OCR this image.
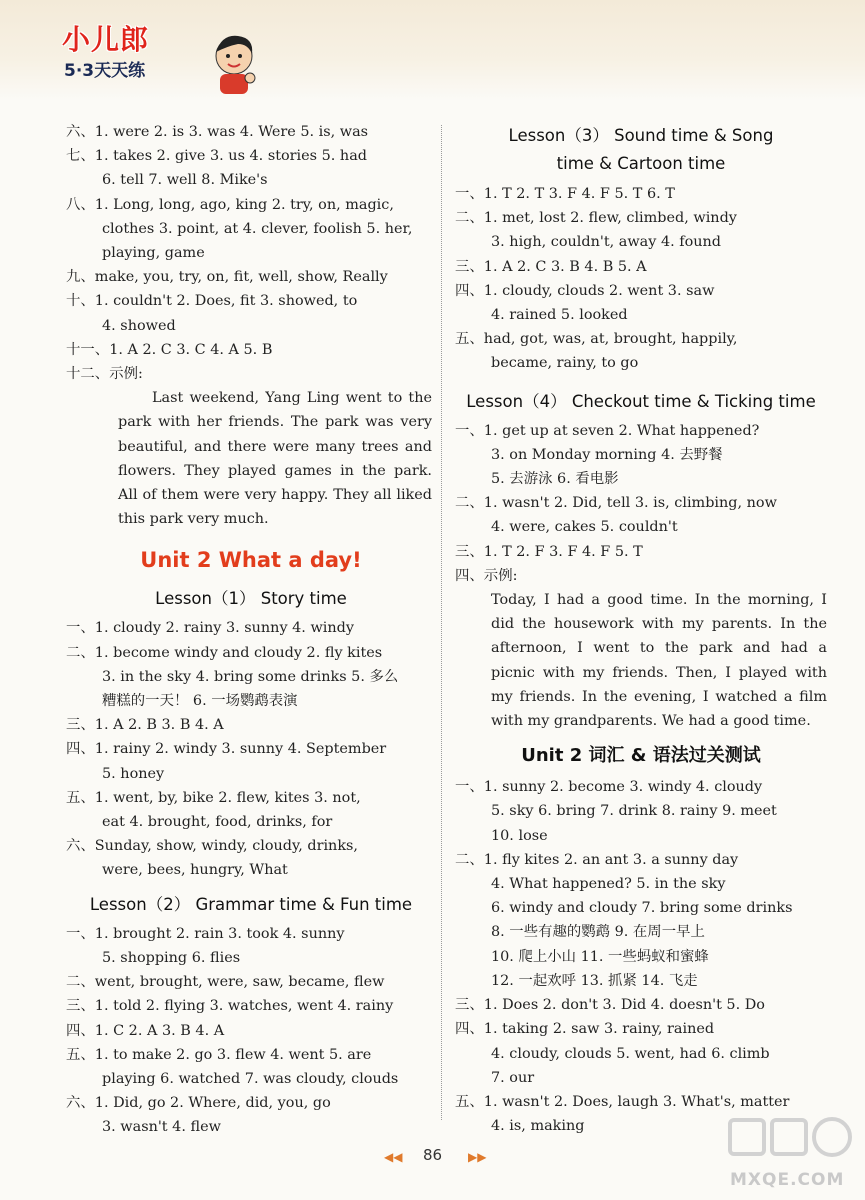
小儿郎
5·3天天练
六、 1. were 2. is 3. was 4. Were 5. is, was
七、 1. takes 2. give 3. us 4. stories 5. had
6. tell 7. well 8. Mike's
八、 1. Long, long, ago, king 2. try, on, magic,
clothes 3. point, at 4. clever, foolish 5. her,
playing, game
九、 make, you, try, on, fit, well, show, Really
十、 1. couldn't 2. Does, fit 3. showed, to
4. showed
十一、 1. A 2. C 3. C 4. A 5. B
十二、 示例:
Last weekend, Yang Ling went to the park with her friends. The park was very beautiful, and there were many trees and flowers. They played games in the park. All of them were very happy. They all liked this park very much.
Unit 2 What a day!
Lesson（1） Story time
一、 1. cloudy 2. rainy 3. sunny 4. windy
二、 1. become windy and cloudy 2. fly kites
3. in the sky 4. bring some drinks 5. 多么
糟糕的一天！ 6. 一场鹦鹉表演
三、 1. A 2. B 3. B 4. A
四、 1. rainy 2. windy 3. sunny 4. September
5. honey
五、 1. went, by, bike 2. flew, kites 3. not,
eat 4. brought, food, drinks, for
六、 Sunday, show, windy, cloudy, drinks,
were, bees, hungry, What
Lesson（2） Grammar time & Fun time
一、 1. brought 2. rain 3. took 4. sunny
5. shopping 6. flies
二、 went, brought, were, saw, became, flew
三、 1. told 2. flying 3. watches, went 4. rainy
四、 1. C 2. A 3. B 4. A
五、 1. to make 2. go 3. flew 4. went 5. are
playing 6. watched 7. was cloudy, clouds
六、 1. Did, go 2. Where, did, you, go
3. wasn't 4. flew
Lesson（3） Sound time & Song
time & Cartoon time
一、 1. T 2. T 3. F 4. F 5. T 6. T
二、 1. met, lost 2. flew, climbed, windy
3. high, couldn't, away 4. found
三、 1. A 2. C 3. B 4. B 5. A
四、 1. cloudy, clouds 2. went 3. saw
4. rained 5. looked
五、 had, got, was, at, brought, happily,
became, rainy, to go
Lesson（4） Checkout time & Ticking time
一、 1. get up at seven 2. What happened?
3. on Monday morning 4. 去野餐
5. 去游泳 6. 看电影
二、 1. wasn't 2. Did, tell 3. is, climbing, now
4. were, cakes 5. couldn't
三、 1. T 2. F 3. F 4. F 5. T
四、 示例:
Today, I had a good time. In the morning, I did the housework with my parents. In the afternoon, I went to the park and had a picnic with my friends. Then, I played with my friends. In the evening, I watched a film with my grandparents. We had a good time.
Unit 2 词汇 & 语法过关测试
一、 1. sunny 2. become 3. windy 4. cloudy
5. sky 6. bring 7. drink 8. rainy 9. meet
10. lose
二、 1. fly kites 2. an ant 3. a sunny day
4. What happened? 5. in the sky
6. windy and cloudy 7. bring some drinks
8. 一些有趣的鹦鹉 9. 在周一早上
10. 爬上小山 11. 一些蚂蚁和蜜蜂
12. 一起欢呼 13. 抓紧 14. 飞走
三、 1. Does 2. don't 3. Did 4. doesn't 5. Do
四、 1. taking 2. saw 3. rainy, rained
4. cloudy, clouds 5. went, had 6. climb
7. our
五、 1. wasn't 2. Does, laugh 3. What's, matter
4. is, making
◀◀	86	▶▶
MXQE.COM
